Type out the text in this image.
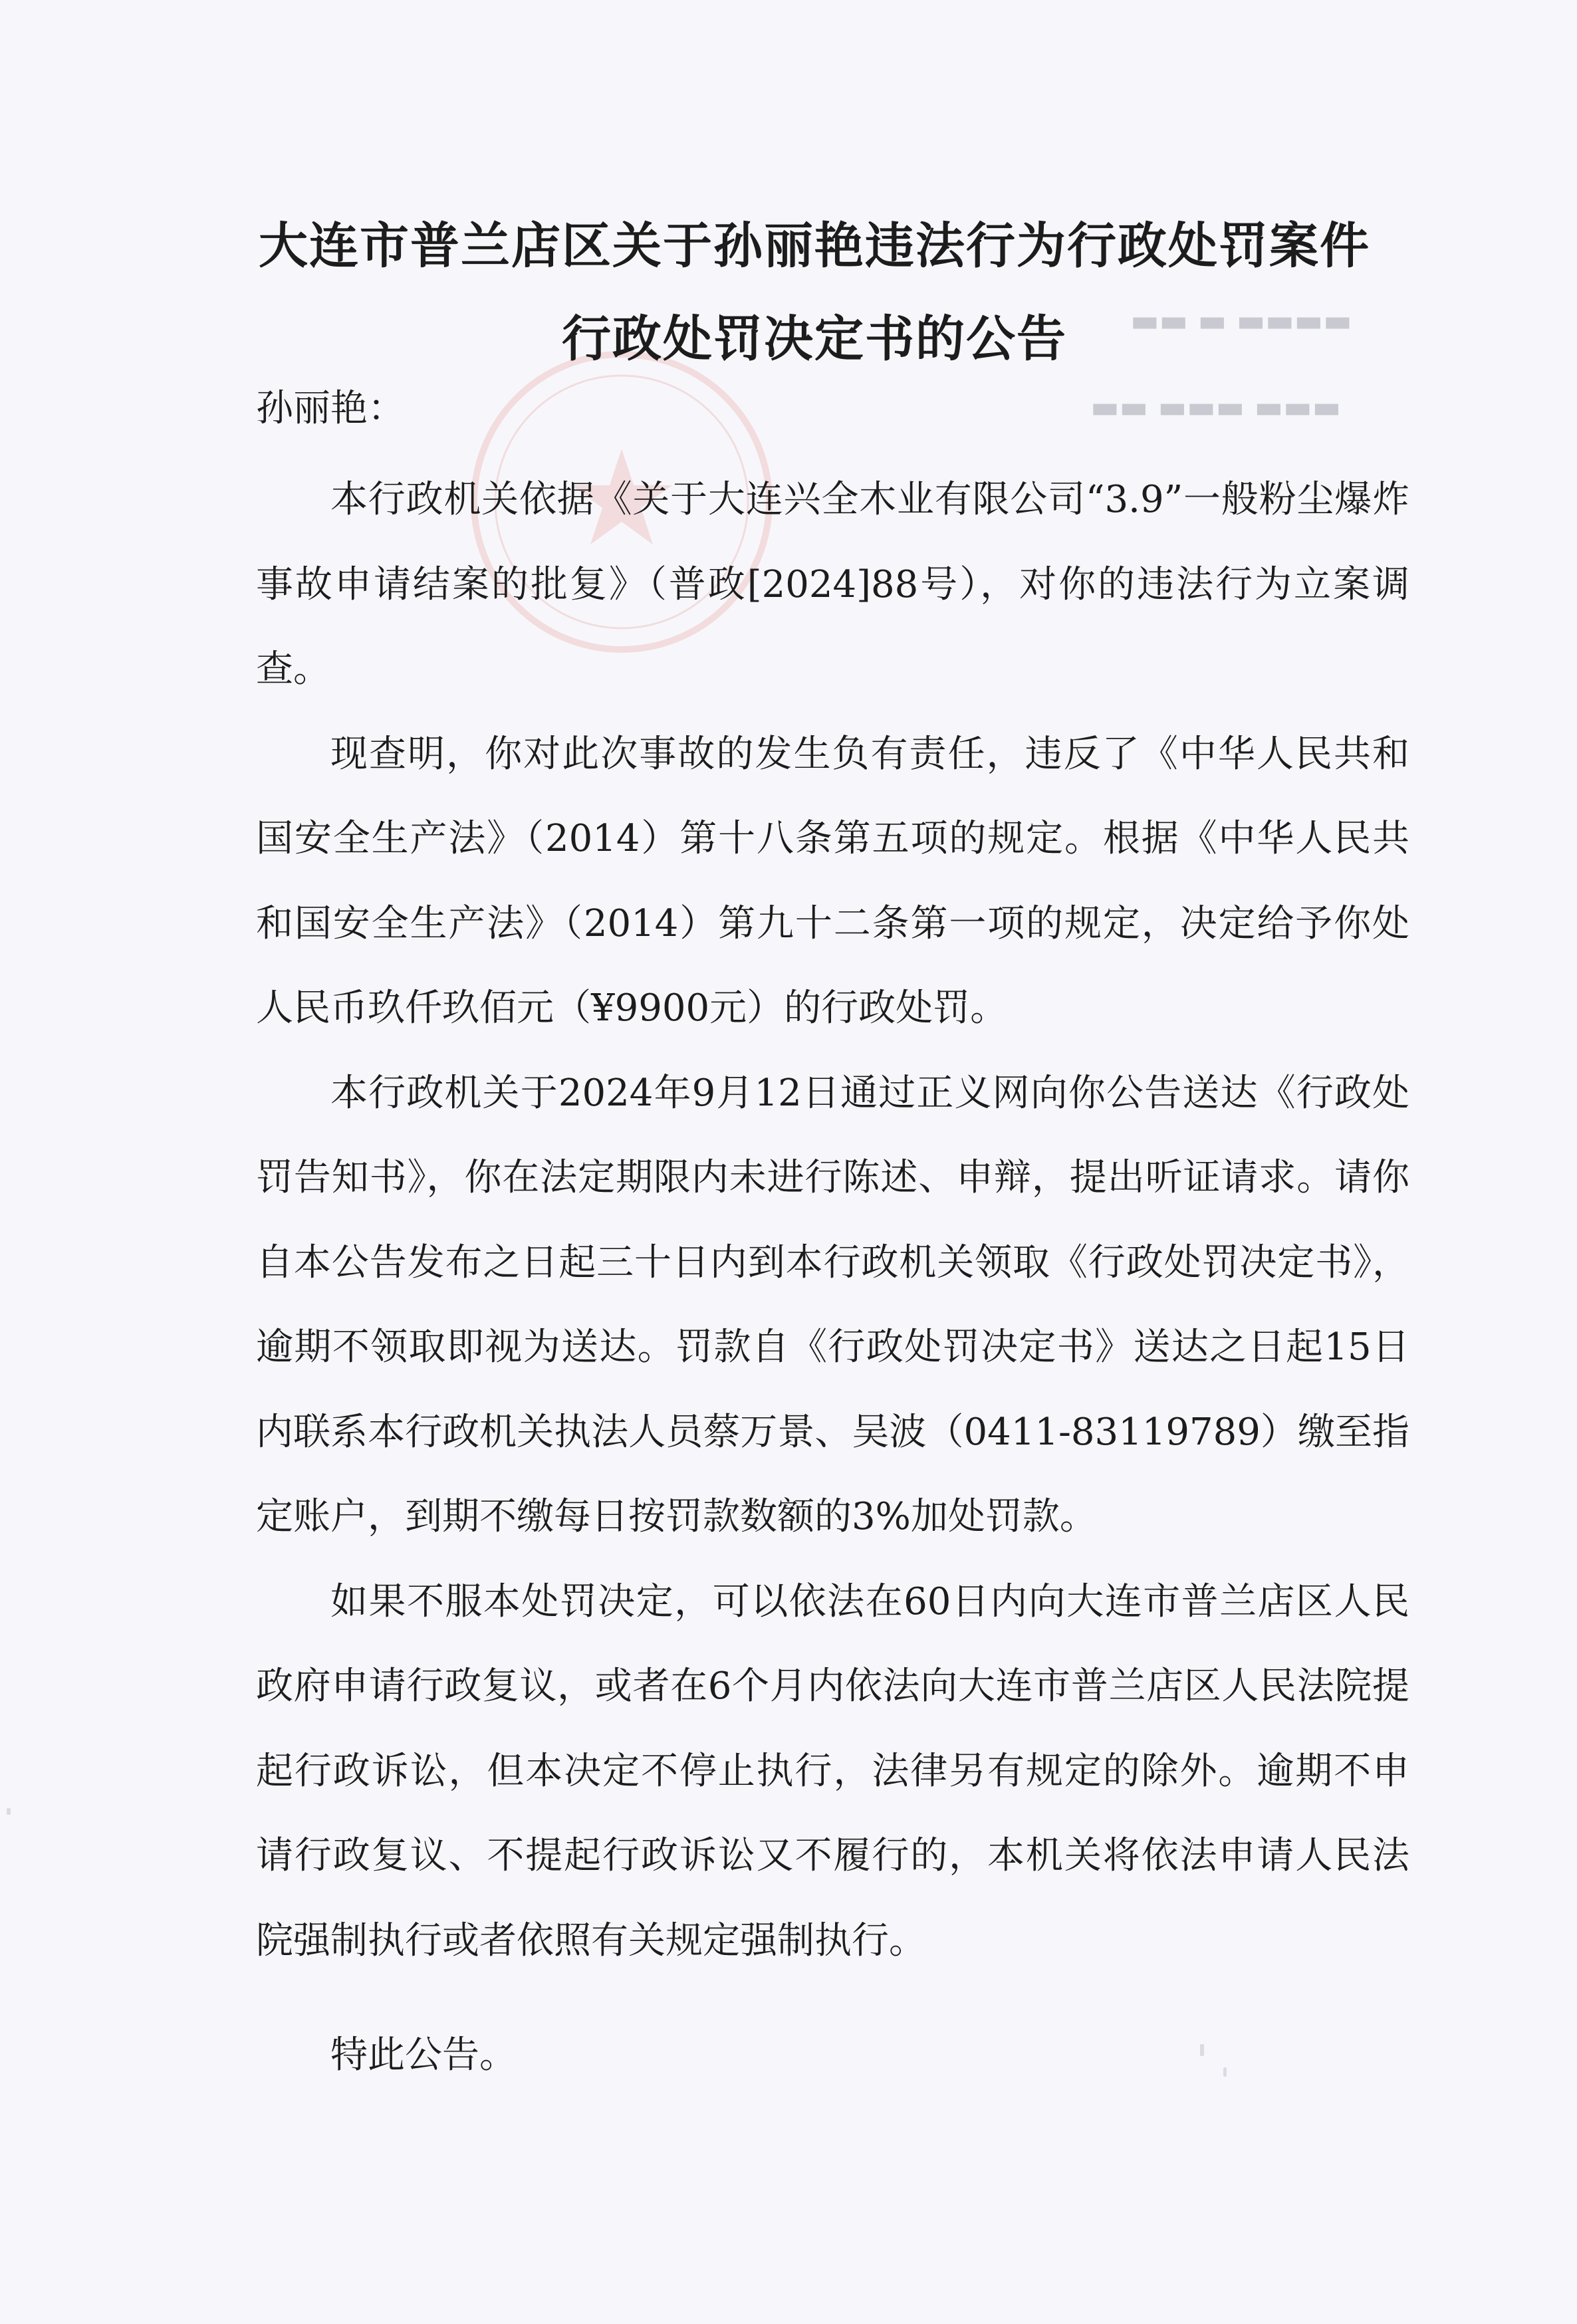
▬▬▬▬ ▬ ▬▬
▬▬▬ ▬▬▬ ▬▬
大连市普兰店区关于孙丽艳违法行为行政处罚案件
行政处罚决定书的公告
孙丽艳：

本行政机关依据《关于大连兴全木业有限公司“3.9”一般粉尘爆炸事故申请结案的批复》（普政[2024]88号），对你的违法行为立案调查。

现查明，你对此次事故的发生负有责任，违反了《中华人民共和国安全生产法》（2014）第十八条第五项的规定。根据《中华人民共和国安全生产法》（2014）第九十二条第一项的规定，决定给予你处人民币玖仟玖佰元（¥9900元）的行政处罚。

本行政机关于2024年9月12日通过正义网向你公告送达《行政处罚告知书》，你在法定期限内未进行陈述、申辩，提出听证请求。请你自本公告发布之日起三十日内到本行政机关领取《行政处罚决定书》，逾期不领取即视为送达。罚款自《行政处罚决定书》送达之日起15日内联系本行政机关执法人员蔡万景、吴波（0411-83119789）缴至指定账户，到期不缴每日按罚款数额的3%加处罚款。

如果不服本处罚决定，可以依法在60日内向大连市普兰店区人民政府申请行政复议，或者在6个月内依法向大连市普兰店区人民法院提起行政诉讼，但本决定不停止执行，法律另有规定的除外。逾期不申请行政复议、不提起行政诉讼又不履行的，本机关将依法申请人民法院强制执行或者依照有关规定强制执行。

特此公告。
